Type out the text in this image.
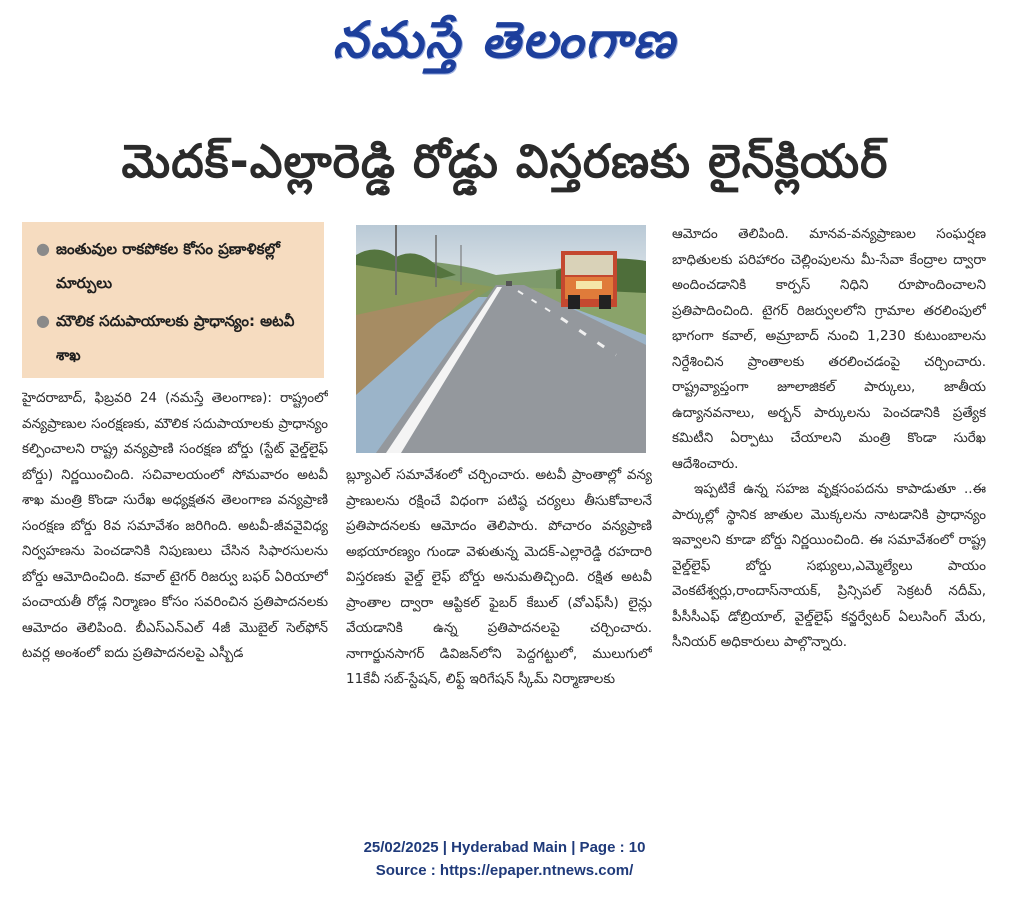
నమస్తే తెలంగాణ
మెదక్-ఎల్లారెడ్డి రోడ్డు విస్తరణకు లైన్‌క్లియర్
● జంతువుల రాకపోకల కోసం ప్రణాళికల్లో మార్పులు
● మౌలిక సదుపాయాలకు ప్రాధాన్యం: అటవీ శాఖ

హైదరాబాద్, ఫిబ్రవరి 24 (నమస్తే తెలంగాణ): రాష్ట్రంలో వన్యప్రాణుల సంరక్షణకు, మౌలిక సదుపాయాలకు ప్రాధాన్యం కల్పించాలని రాష్ట్ర వన్యప్రాణి సంరక్షణ బోర్డు (స్టేట్ వైల్డ్‌లైఫ్ బోర్డు) నిర్ణయించింది. సచివాలయంలో సోమవారం అటవీ శాఖ మంత్రి కొండా సురేఖ అధ్యక్షతన తెలంగాణ వన్యప్రాణి సంరక్షణ బోర్డు 8వ సమావేశం జరిగింది. అటవీ-జీవవైవిధ్య నిర్వహణను పెంచడానికి నిపుణులు చేసిన సిఫారసులను బోర్డు ఆమోదించింది. కవాల్ టైగర్ రిజర్వు బఫర్ ఏరియాలో పంచాయతీ రోడ్ల నిర్మాణం కోసం సవరించిన ప్రతిపాదనలకు ఆమోదం తెలిపింది. బీఎస్‌ఎన్‌ఎల్ 4జీ మొబైల్ సెల్‌ఫోన్ టవర్ల అంశంలో ఐదు ప్రతిపాదనలపై ఎస్బీడ

బ్ల్యూఎల్ సమావేశంలో చర్చించారు. అటవీ ప్రాంతాల్లో వన్య ప్రాణులను రక్షించే విధంగా పటిష్ఠ చర్యలు తీసుకోవాలనే ప్రతిపాదనలకు ఆమోదం తెలిపారు. పోచారం వన్యప్రాణి అభయారణ్యం గుండా వెళుతున్న మెదక్-ఎల్లారెడ్డి రహదారి విస్తరణకు వైల్డ్ లైఫ్ బోర్డు అనుమతిచ్చింది. రక్షిత అటవీ ప్రాంతాల ద్వారా ఆప్టికల్ ఫైబర్ కేబుల్ (వోఎఫ్‌సీ) లైన్లు వేయడానికి ఉన్న ప్రతిపాదనలపై చర్చించారు. నాగార్జునసాగర్ డివిజన్‌లోని పెద్దగట్టులో, ములుగులో 11కేవీ సబ్-స్టేషన్, లిఫ్ట్ ఇరిగేషన్ స్కీమ్ నిర్మాణాలకు

ఆమోదం తెలిపింది. మానవ-వన్యప్రాణుల సంఘర్షణ బాధితులకు పరిహారం చెల్లింపులను మీ-సేవా కేంద్రాల ద్వారా అందించడానికి కార్పస్ నిధిని రూపొందించాలని ప్రతిపాదించింది. టైగర్ రిజర్వులలోని గ్రామాల తరలింపులో భాగంగా కవాల్, అమ్రాబాద్ నుంచి 1,230 కుటుంబాలను నిర్దేశించిన ప్రాంతాలకు తరలించడంపై చర్చించారు. రాష్ట్రవ్యాప్తంగా జూలాజికల్ పార్కులు, జాతీయ ఉద్యానవనాలు, అర్బన్ పార్కులను పెంచడానికి ప్రత్యేక కమిటీని ఏర్పాటు చేయాలని మంత్రి కొండా సురేఖ ఆదేశించారు.

ఇప్పటికే ఉన్న సహజ వృక్షసంపదను కాపాడుతూ ..ఈ పార్కుల్లో స్థానిక జాతుల మొక్కలను నాటడానికి ప్రాధాన్యం ఇవ్వాలని కూడా బోర్డు నిర్ణయించింది. ఈ సమావేశంలో రాష్ట్ర వైల్డ్‌లైఫ్ బోర్డు సభ్యులు,ఎమ్మెల్యేలు పాయం వెంకటేశ్వర్లు,రాందాస్‌నాయక్, ప్రిన్సిపల్ సెక్రటరీ నదీమ్, పీసీసీఎఫ్ డోబ్రియాల్, వైల్డ్‌లైఫ్ కన్జర్వేటర్ ఏలుసింగ్ మేరు, సీనియర్ అధికారులు పాల్గొన్నారు.

25/02/2025 | Hyderabad Main | Page : 10
Source : https://epaper.ntnews.com/
